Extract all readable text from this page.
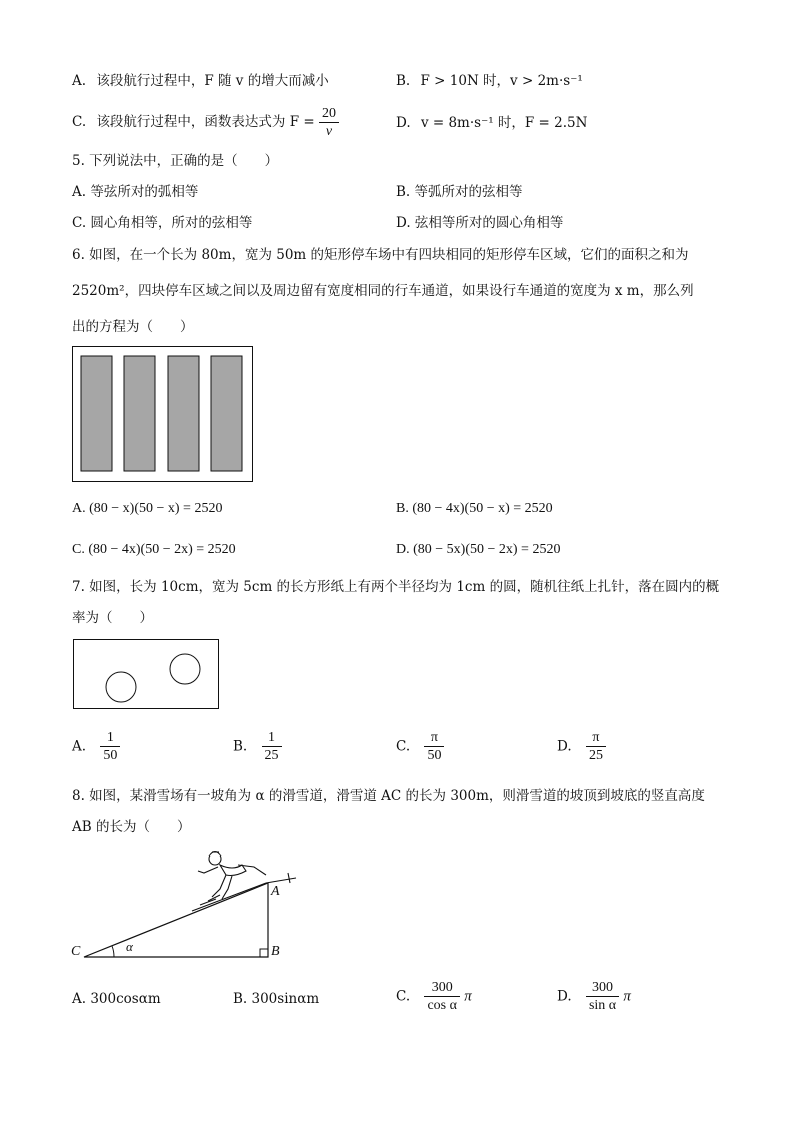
A. 该段航行过程中，F 随 v 的增大而减小	B. F > 10N 时，v > 2m·s⁻¹
C. 该段航行过程中，函数表达式为 $F = \frac{20}{v}$	D. v = 8m·s⁻¹ 时，F = 2.5N
5. 下列说法中，正确的是（　　）
A. 等弦所对的弧相等	B. 等弧所对的弦相等
C. 圆心角相等，所对的弦相等	D. 弦相等所对的圆心角相等
6. 如图，在一个长为 80m，宽为 50m 的矩形停车场中有四块相同的矩形停车区域，它们的面积之和为
2520m²，四块停车区域之间以及周边留有宽度相同的行车通道，如果设行车通道的宽度为 x m，那么列
出的方程为（　　）
A. (80 − x)(50 − x) = 2520	B. (80 − 4x)(50 − x) = 2520
C. (80 − 4x)(50 − 2x) = 2520	D. (80 − 5x)(50 − 2x) = 2520
7. 如图，长为 10cm，宽为 5cm 的长方形纸上有两个半径均为 1cm 的圆，随机往纸上扎针，落在圆内的概
率为（　　）
A. $\frac{1}{50}$	B. $\frac{1}{25}$	C. $\frac{\pi}{50}$	D. $\frac{\pi}{25}$
8. 如图，某滑雪场有一坡角为 α 的滑雪道，滑雪道 AC 的长为 300m，则滑雪道的坡顶到坡底的竖直高度
AB 的长为（　　）
A
B
C	α
A. 300cosαm	B. 300sinαm	C. $\frac{300}{\text{cos α}}$ π	D. $\frac{300}{\text{sin α}}$ π
